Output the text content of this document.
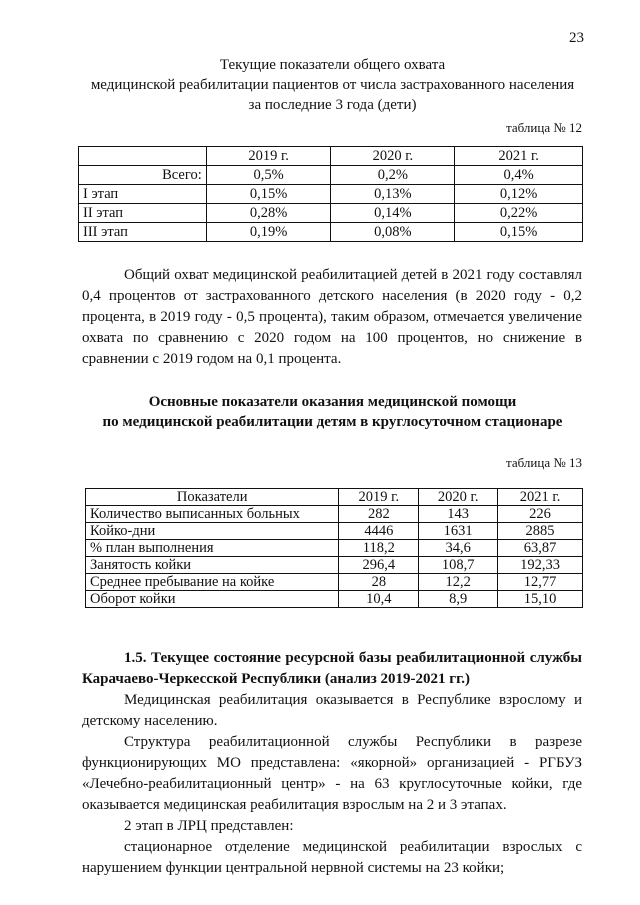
23
Текущие показатели общего охвата
медицинской реабилитации пациентов от числа застрахованного населения
за последние 3 года (дети)
таблица № 12
	2019 г.	2020 г.	2021 г.
Всего:	0,5%	0,2%	0,4%
I этап	0,15%	0,13%	0,12%
II этап	0,28%	0,14%	0,22%
III этап	0,19%	0,08%	0,15%
Общий охват медицинской реабилитацией детей в 2021 году составлял 0,4 процентов от застрахованного детского населения (в 2020 году - 0,2 процента, в 2019 году - 0,5 процента), таким образом, отмечается увеличение охвата по сравнению с 2020 годом на 100 процентов, но снижение в сравнении с 2019 годом на 0,1 процента.
Основные показатели оказания медицинской помощи
по медицинской реабилитации детям в круглосуточном стационаре
таблица № 13
Показатели	2019 г.	2020 г.	2021 г.
Количество выписанных больных	282	143	226
Койко-дни	4446	1631	2885
% план выполнения	118,2	34,6	63,87
Занятость койки	296,4	108,7	192,33
Среднее пребывание на койке	28	12,2	12,77
Оборот койки	10,4	8,9	15,10

1.5. Текущее состояние ресурсной базы реабилитационной службы Карачаево-Черкесской Республики (анализ 2019-2021 гг.)

Медицинская реабилитация оказывается в Республике взрослому и детскому населению.

Структура реабилитационной службы Республики в разрезе функционирующих МО представлена: «якорной» организацией - РГБУЗ «Лечебно-реабилитационный центр» - на 63 круглосуточные койки, где оказывается медицинская реабилитация взрослым на 2 и 3 этапах.

2 этап в ЛРЦ представлен:

стационарное отделение медицинской реабилитации взрослых с нарушением функции центральной нервной системы на 23 койки;
